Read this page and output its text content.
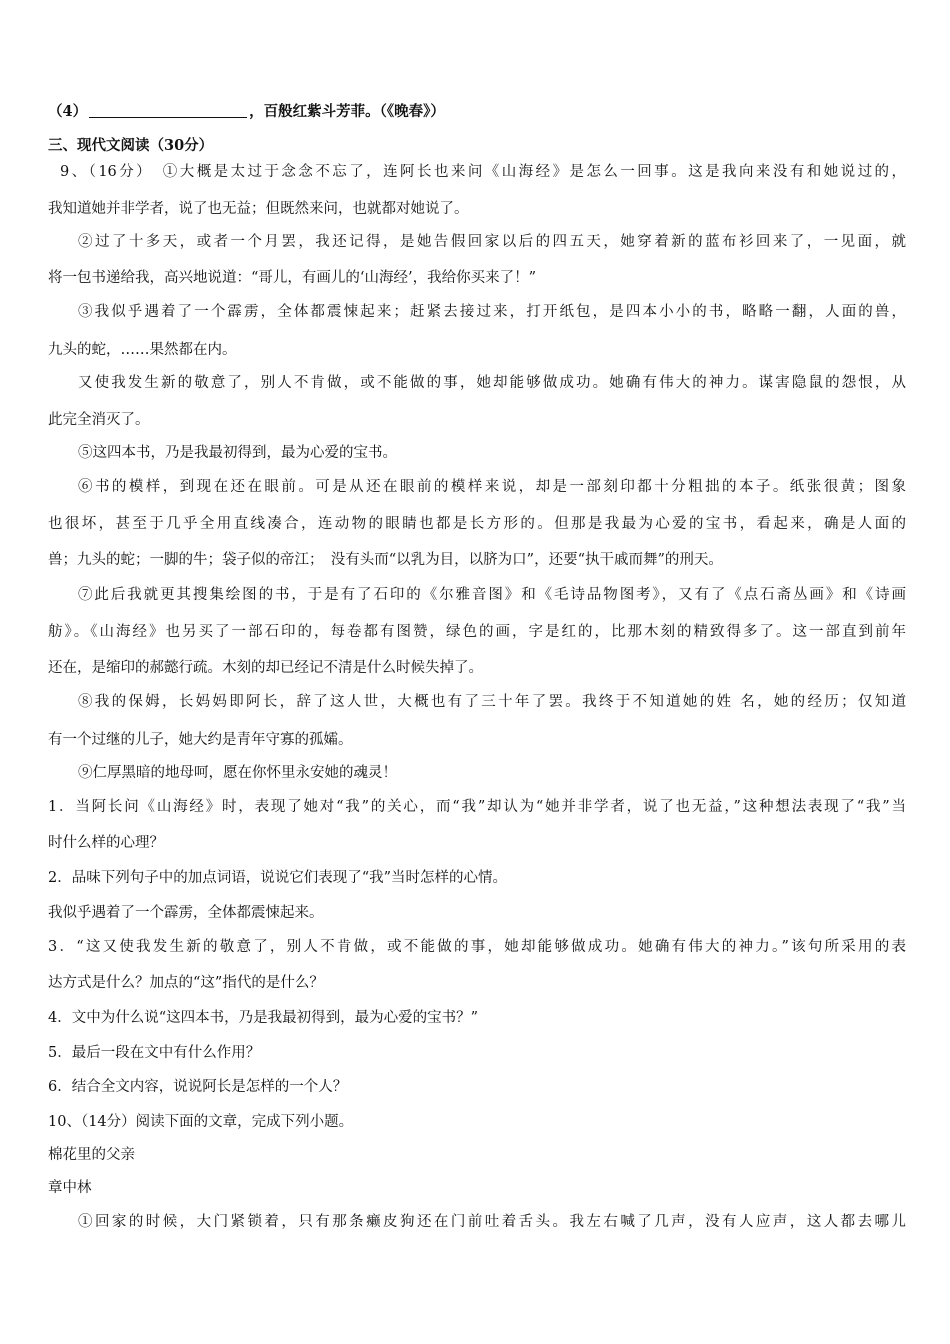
（4）	，百般红紫斗芳菲。（《晚春》）
三、现代文阅读（30分）
9、（16分）　①大概是太过于念念不忘了，连阿长也来问《山海经》是怎么一回事。这是我向来没有和她说过的，
我知道她并非学者，说了也无益；但既然来问，也就都对她说了。
②过了十多天，或者一个月罢，我还记得，是她告假回家以后的四五天，她穿着新的蓝布衫回来了，一见面，就
将一包书递给我，高兴地说道：“哥儿，有画儿的‘山海经’，我给你买来了！”
③我似乎遇着了一个霹雳，全体都震悚起来；赶紧去接过来，打开纸包，是四本小小的书，略略一翻，人面的兽，
九头的蛇，……果然都在内。
又使我发生新的敬意了，别人不肯做，或不能做的事，她却能够做成功。她确有伟大的神力。谋害隐鼠的怨恨，从
此完全消灭了。
⑤这四本书，乃是我最初得到，最为心爱的宝书。
⑥书的模样，到现在还在眼前。可是从还在眼前的模样来说，却是一部刻印都十分粗拙的本子。纸张很黄；图象
也很坏，甚至于几乎全用直线凑合，连动物的眼睛也都是长方形的。但那是我最为心爱的宝书，看起来，确是人面的
兽；九头的蛇；一脚的牛；袋子似的帝江；　没有头而“以乳为目，以脐为口”，还要“执干戚而舞”的刑天。
⑦此后我就更其搜集绘图的书，于是有了石印的《尔雅音图》和《毛诗品物图考》，又有了《点石斋丛画》和《诗画
舫》。《山海经》也另买了一部石印的，每卷都有图赞，绿色的画，字是红的，比那木刻的精致得多了。这一部直到前年
还在，是缩印的郝懿行疏。木刻的却已经记不清是什么时候失掉了。
⑧我的保姆，长妈妈即阿长，辞了这人世，大概也有了三十年了罢。我终于不知道她的姓 名，她的经历；仅知道
有一个过继的儿子，她大约是青年守寡的孤孀。
⑨仁厚黑暗的地母呵，愿在你怀里永安她的魂灵！
1．当阿长问《山海经》时，表现了她对“我”的关心，而“我”却认为“她并非学者，说了也无益，”这种想法表现了“我”当
时什么样的心理？
2．品味下列句子中的加点词语，说说它们表现了“我”当时怎样的心情。
我似乎遇着了一个霹雳，全体都震悚起来。
3．“这又使我发生新的敬意了，别人不肯做，或不能做的事，她却能够做成功。她确有伟大的神力。”该句所采用的表
达方式是什么？加点的“这”指代的是什么？
4．文中为什么说“这四本书，乃是我最初得到，最为心爱的宝书？”
5．最后一段在文中有什么作用？
6．结合全文内容，说说阿长是怎样的一个人？
10、（14分）阅读下面的文章，完成下列小题。
棉花里的父亲
章中林
①回家的时候，大门紧锁着，只有那条癞皮狗还在门前吐着舌头。我左右喊了几声，没有人应声，这人都去哪儿
